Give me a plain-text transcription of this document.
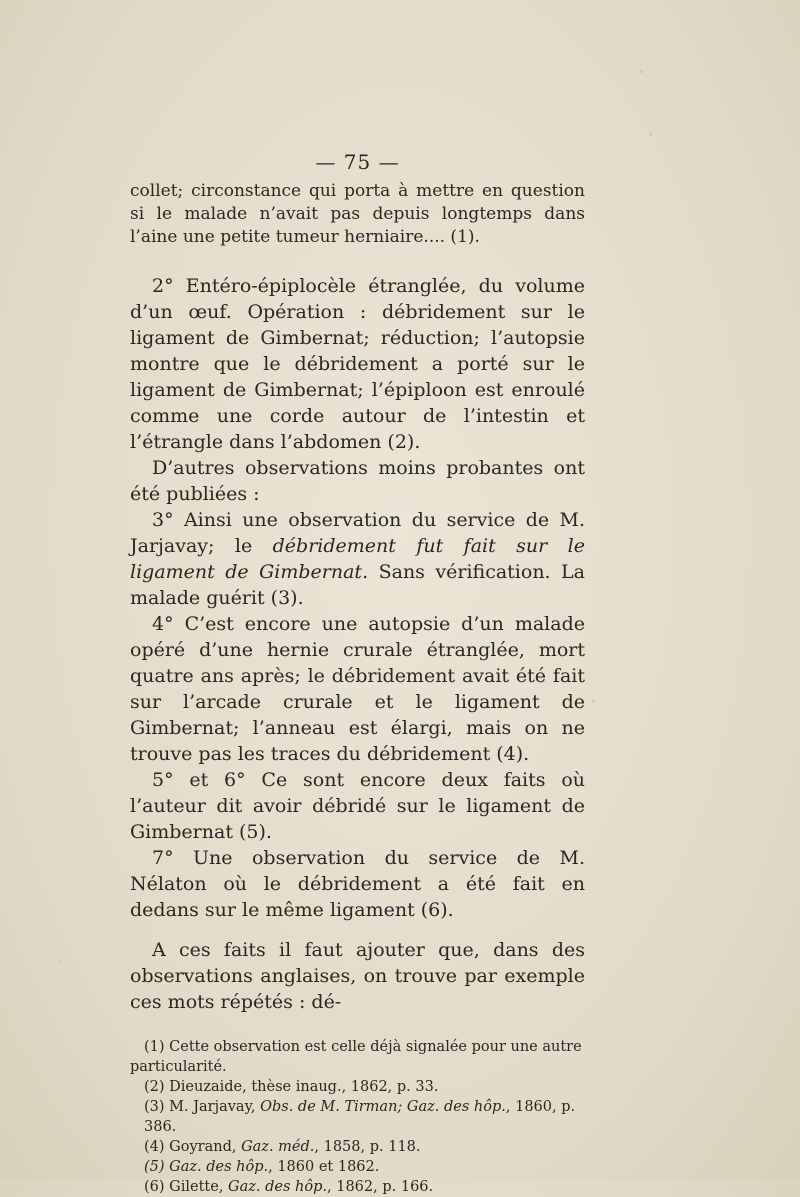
— 75 —

collet; circonstance qui porta à mettre en question si le malade n’avait pas depuis longtemps dans l’aine une petite tumeur herniaire.... (1).

2° Entéro-épiplocèle étranglée, du volume d’un œuf. Opération : débridement sur le ligament de Gimbernat; réduction; l’autopsie montre que le débridement a porté sur le ligament de Gimbernat; l’épiploon est enroulé comme une corde autour de l’intestin et l’étrangle dans l’abdomen (2).

D’autres observations moins probantes ont été publiées :

3° Ainsi une observation du service de M. Jarjavay; le débridement fut fait sur le ligament de Gimbernat. Sans vérification. La malade guérit (3).

4° C’est encore une autopsie d’un malade opéré d’une hernie crurale étranglée, mort quatre ans après; le débridement avait été fait sur l’arcade crurale et le ligament de Gimbernat; l’anneau est élargi, mais on ne trouve pas les traces du débridement (4).

5° et 6° Ce sont encore deux faits où l’auteur dit avoir débridé sur le ligament de Gimbernat (5).

7° Une observation du service de M. Nélaton où le débridement a été fait en dedans sur le même ligament (6).

A ces faits il faut ajouter que, dans des observations anglaises, on trouve par exemple ces mots répétés : dé-

(1) Cette observation est celle déjà signalée pour une autre particularité.

(2) Dieuzaide, thèse inaug., 1862, p. 33.

(3) M. Jarjavay, Obs. de M. Tirman; Gaz. des hôp., 1860, p. 386.

(4) Goyrand, Gaz. méd., 1858, p. 118.

(5) Gaz. des hôp., 1860 et 1862.

(6) Gilette, Gaz. des hôp., 1862, p. 166.
